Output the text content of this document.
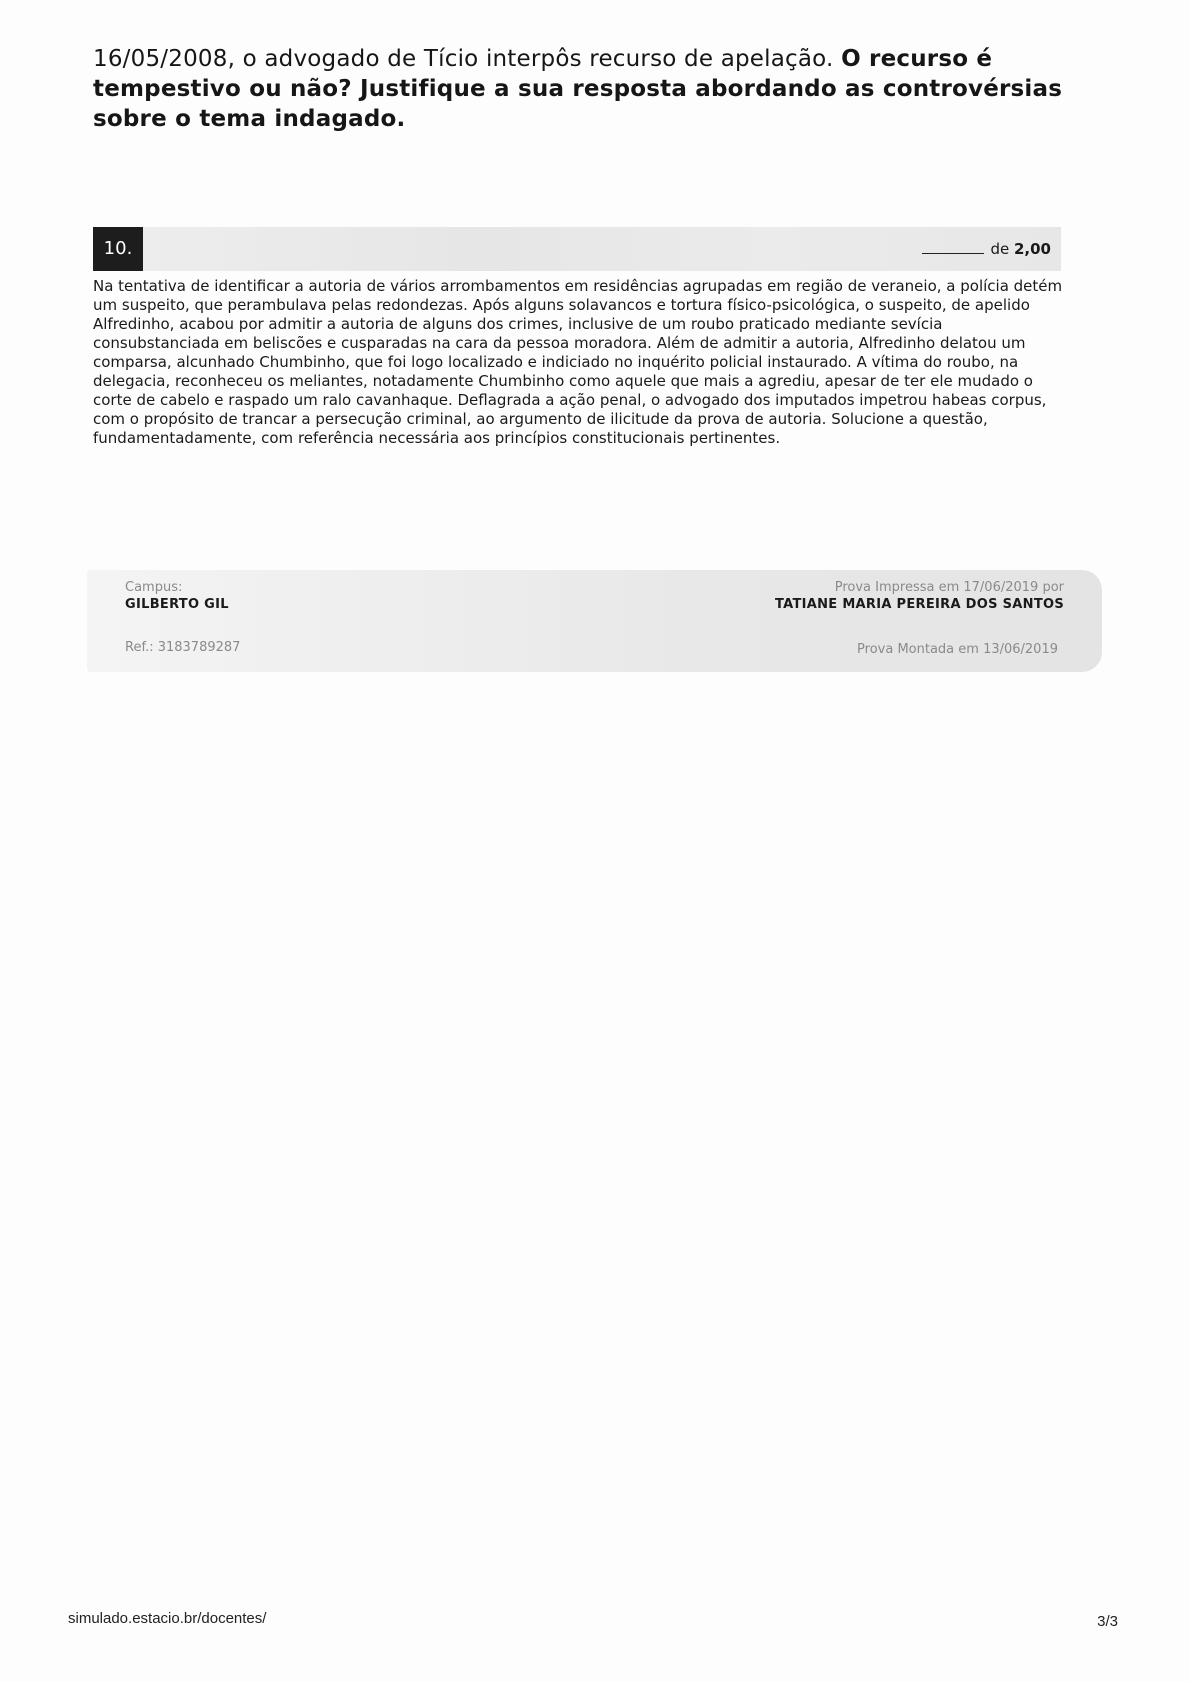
16/05/2008, o advogado de Tício interpôs recurso de apelação. O recurso é tempestivo ou não? Justifique a sua resposta abordando as controvérsias sobre o tema indagado.
10.	de 2,00
Na tentativa de identificar a autoria de vários arrombamentos em residências agrupadas em região de veraneio, a polícia detém um suspeito, que perambulava pelas redondezas. Após alguns solavancos e tortura físico-psicológica, o suspeito, de apelido Alfredinho, acabou por admitir a autoria de alguns dos crimes, inclusive de um roubo praticado mediante sevícia consubstanciada em beliscões e cusparadas na cara da pessoa moradora. Além de admitir a autoria, Alfredinho delatou um comparsa, alcunhado Chumbinho, que foi logo localizado e indiciado no inquérito policial instaurado. A vítima do roubo, na delegacia, reconheceu os meliantes, notadamente Chumbinho como aquele que mais a agrediu, apesar de ter ele mudado o corte de cabelo e raspado um ralo cavanhaque. Deflagrada a ação penal, o advogado dos imputados impetrou habeas corpus, com o propósito de trancar a persecução criminal, ao argumento de ilicitude da prova de autoria. Solucione a questão, fundamentadamente, com referência necessária aos princípios constitucionais pertinentes.
Campus:
GILBERTO GIL
Ref.: 3183789287
Prova Impressa em 17/06/2019 por
TATIANE MARIA PEREIRA DOS SANTOS
Prova Montada em 13/06/2019
simulado.estacio.br/docentes/	3/3
